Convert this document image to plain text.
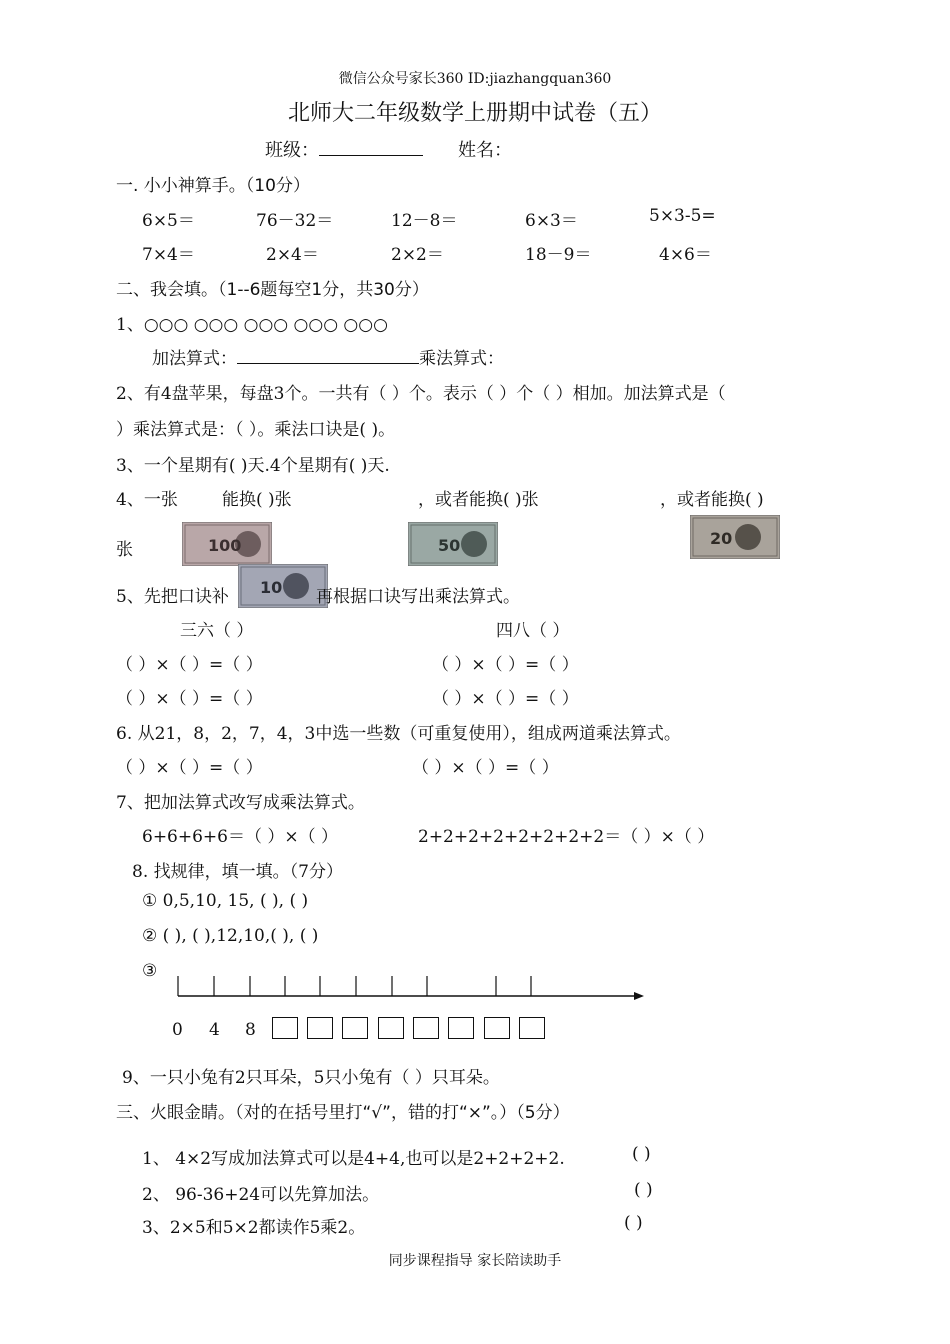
微信公众号家长360 ID:jiazhangquan360
北师大二年级数学上册期中试卷（五）
班级：	姓名：
一. 小小神算手。（10分）
6×5＝	76－32＝	12－8＝	6×3＝	5×3-5=
7×4＝	2×4＝	2×2＝	18－9＝	4×6＝
二、我会填。（1--6题每空1分，共30分）
1、○○○ ○○○ ○○○ ○○○ ○○○
加法算式：	乘法算式：
2、有4盘苹果，每盘3个。一共有（ ）个。表示（ ）个（ ）相加。加法算式是（
）乘法算式是：（ ）。乘法口诀是( )。
3、一个星期有( )天.4个星期有( )天.
4、一张	能换( )张	，或者能换( )张	，或者能换( )
张	100	50	20
10
5、先把口诀补	再根据口诀写出乘法算式。
三六（ ）	四八（ ）
（ ）×（ ）=（ ）	（ ）×（ ）=（ ）
（ ）×（ ）=（ ）	（ ）×（ ）=（ ）
6. 从21，8，2，7，4，3中选一些数（可重复使用），组成两道乘法算式。
（ ）×（ ）=（ ）	（ ）×（ ）=（ ）
7、把加法算式改写成乘法算式。
6+6+6+6＝（ ）×（ ）	2+2+2+2+2+2+2+2＝（ ）×（ ）
8. 找规律，填一填。（7分）
① 0,5,10, 15, ( ), ( )
② ( ), ( ),12,10,( ), ( )
③
0 4 8
9、一只小兔有2只耳朵，5只小兔有（ ）只耳朵。
三、火眼金睛。（对的在括号里打“√”，错的打“×”。）（5分）
1、 4×2写成加法算式可以是4+4,也可以是2+2+2+2.	( )
2、 96-36+24可以先算加法。	( )
3、2×5和5×2都读作5乘2。	( )
同步课程指导 家长陪读助手
